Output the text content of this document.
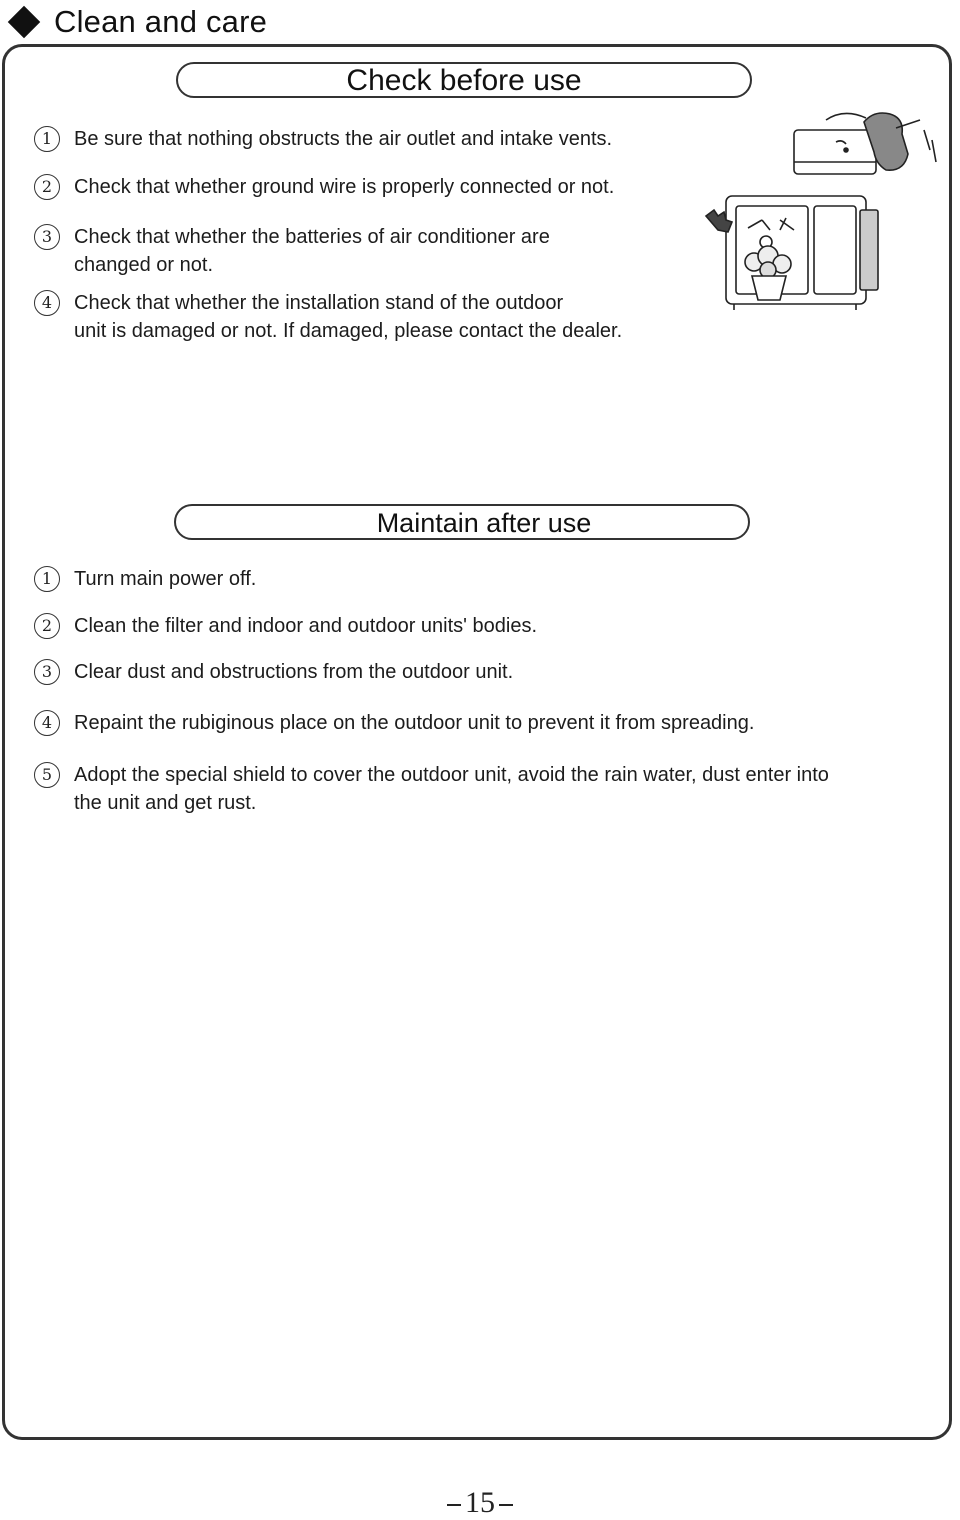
Clean and care
Check before use
1	Be sure that nothing obstructs the air outlet and intake vents.
2	Check that whether ground wire is properly connected or not.
3	Check that whether the batteries of air conditioner are
changed or not.
4	Check that whether the installation stand of the outdoor
unit is damaged or not. If damaged, please contact the dealer.
Maintain after use
1	Turn main power off.
2	Clean the filter and indoor and outdoor units' bodies.
3	Clear dust and obstructions from the outdoor unit.
4	Repaint the rubiginous place on the outdoor unit to prevent it from spreading.
5	Adopt the special shield to cover the outdoor unit, avoid the rain water, dust enter into
the unit and get rust.
15
